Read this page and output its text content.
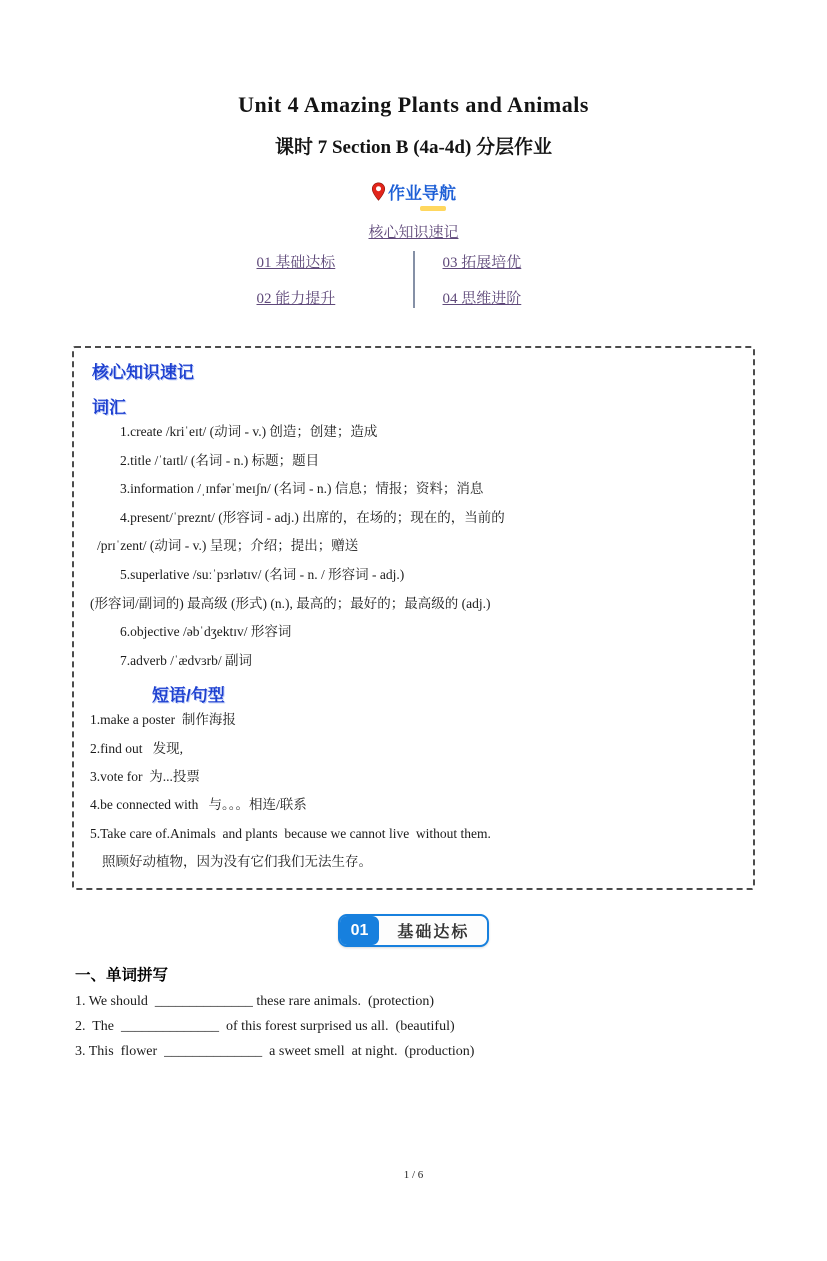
Unit 4 Amazing Plants and Animals
课时 7 Section B (4a-4d) 分层作业
作业导航
核心知识速记
01 基础达标
02 能力提升
03 拓展培优
04 思维进阶
核心知识速记
词汇
1.create /kriˈeɪt/ (动词 - v.) 创造；创建；造成
2.title /ˈtaɪtl/ (名词 - n.) 标题；题目
3.information /ˌɪnfərˈmeɪʃn/ (名词 - n.) 信息；情报；资料；消息
4.present/ˈpreznt/ (形容词 - adj.) 出席的，在场的；现在的，当前的
/prɪˈzent/ (动词 - v.) 呈现；介绍；提出；赠送
5.superlative /suːˈpɜrlətɪv/ (名词 - n. / 形容词 - adj.)
(形容词/副词的) 最高级 (形式) (n.), 最高的；最好的；最高级的 (adj.)
6.objective /əbˈdʒektɪv/ 形容词
7.adverb /ˈædvɜrb/ 副词
短语/句型
1.make a poster  制作海报
2.find out   发现,
3.vote for  为...投票
4.be connected with   与。。。相连/联系
5.Take care of.Animals  and plants  because we cannot live  without them.
照顾好动植物，因为没有它们我们无法生存。
01	基础达标
一、单词拼写
1. We should  ______________ these rare animals.  (protection)
2.  The  ______________  of this forest surprised us all.  (beautiful)
3. This  flower  ______________  a sweet smell  at night.  (production)
1 / 6
